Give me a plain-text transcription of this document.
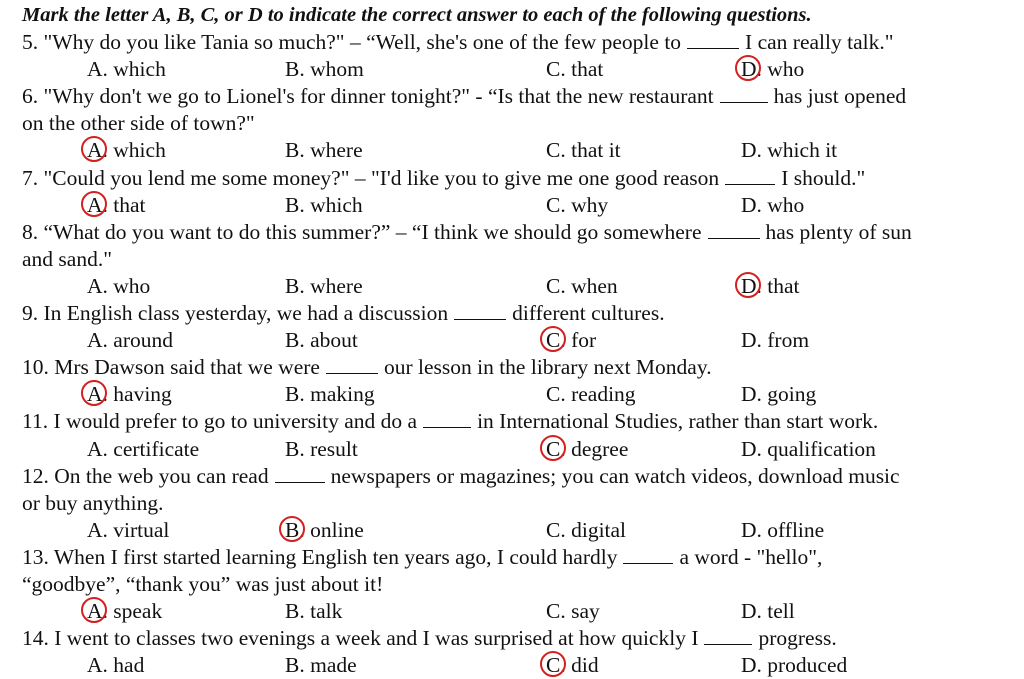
Mark the letter A, B, C, or D to indicate the correct answer to each of the following questions.
5. "Why do you like Tania so much?" – “Well, she's one of the few people to	I can really talk."
A. which	B. whom	C. that	D. who
6. "Why don't we go to Lionel's for dinner tonight?" - “Is that the new restaurant	has just opened
on the other side of town?"
A. which	B. where	C. that it	D. which it
7. "Could you lend me some money?" – "I'd like you to give me one good reason	I should."
A. that	B. which	C. why	D. who
8. “What do you want to do this summer?” – “I think we should go somewhere	has plenty of sun
and sand."
A. who	B. where	C. when	D. that
9. In English class yesterday, we had a discussion	different cultures.
A. around	B. about	C. for	D. from
10. Mrs Dawson said that we were	our lesson in the library next Monday.
A. having	B. making	C. reading	D. going
11. I would prefer to go to university and do a	in International Studies, rather than start work.
A. certificate	B. result	C. degree	D. qualification
12. On the web you can read	newspapers or magazines; you can watch videos, download music
or buy anything.
A. virtual	B. online	C. digital	D. offline
13. When I first started learning English ten years ago, I could hardly	a word - "hello",
“goodbye”, “thank you” was just about it!
A. speak	B. talk	C. say	D. tell
14. I went to classes two evenings a week and I was surprised at how quickly I	progress.
A. had	B. made	C. did	D. produced
